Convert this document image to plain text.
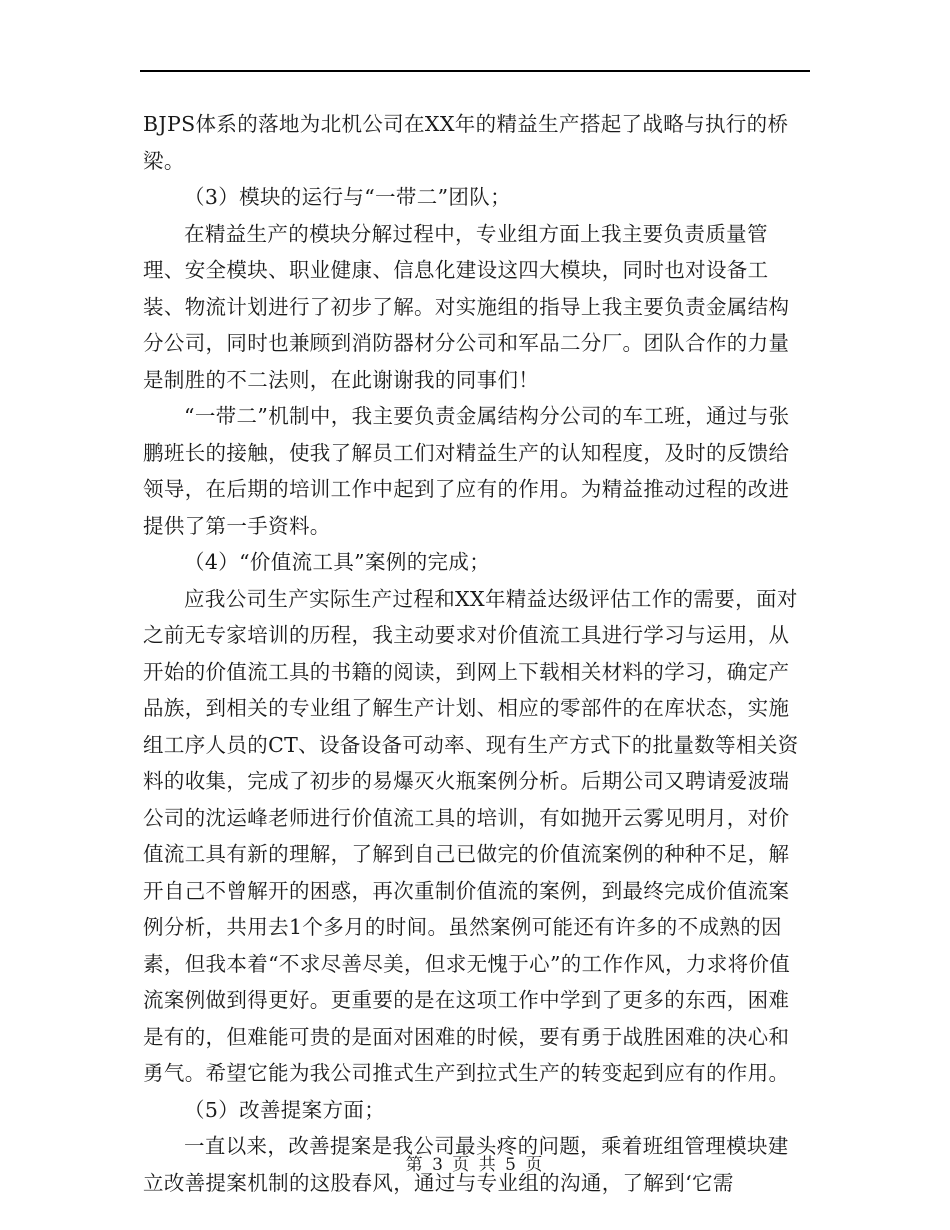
BJPS体系的落地为北机公司在XX年的精益生产搭起了战略与执行的桥梁。

（3）模块的运行与“一带二”团队；

在精益生产的模块分解过程中，专业组方面上我主要负责质量管理、安全模块、职业健康、信息化建设这四大模块，同时也对设备工装、物流计划进行了初步了解。对实施组的指导上我主要负责金属结构分公司，同时也兼顾到消防器材分公司和军品二分厂。团队合作的力量是制胜的不二法则，在此谢谢我的同事们！

“一带二”机制中，我主要负责金属结构分公司的车工班，通过与张鹏班长的接触，使我了解员工们对精益生产的认知程度，及时的反馈给领导，在后期的培训工作中起到了应有的作用。为精益推动过程的改进提供了第一手资料。

（4）“价值流工具”案例的完成；

应我公司生产实际生产过程和XX年精益达级评估工作的需要，面对之前无专家培训的历程，我主动要求对价值流工具进行学习与运用，从开始的价值流工具的书籍的阅读，到网上下载相关材料的学习，确定产品族，到相关的专业组了解生产计划、相应的零部件的在库状态，实施组工序人员的CT、设备设备可动率、现有生产方式下的批量数等相关资料的收集，完成了初步的易爆灭火瓶案例分析。后期公司又聘请爱波瑞公司的沈运峰老师进行价值流工具的培训，有如抛开云雾见明月，对价值流工具有新的理解，了解到自己已做完的价值流案例的种种不足，解开自己不曾解开的困惑，再次重制价值流的案例，到最终完成价值流案例分析，共用去1个多月的时间。虽然案例可能还有许多的不成熟的因素，但我本着“不求尽善尽美，但求无愧于心”的工作作风，力求将价值流案例做到得更好。更重要的是在这项工作中学到了更多的东西，困难是有的，但难能可贵的是面对困难的时候，要有勇于战胜困难的决心和勇气。希望它能为我公司推式生产到拉式生产的转变起到应有的作用。

（5）改善提案方面；

一直以来，改善提案是我公司最头疼的问题，乘着班组管理模块建立改善提案机制的这股春风，通过与专业组的沟通，了解到‘它需

第 3 页 共 5 页
